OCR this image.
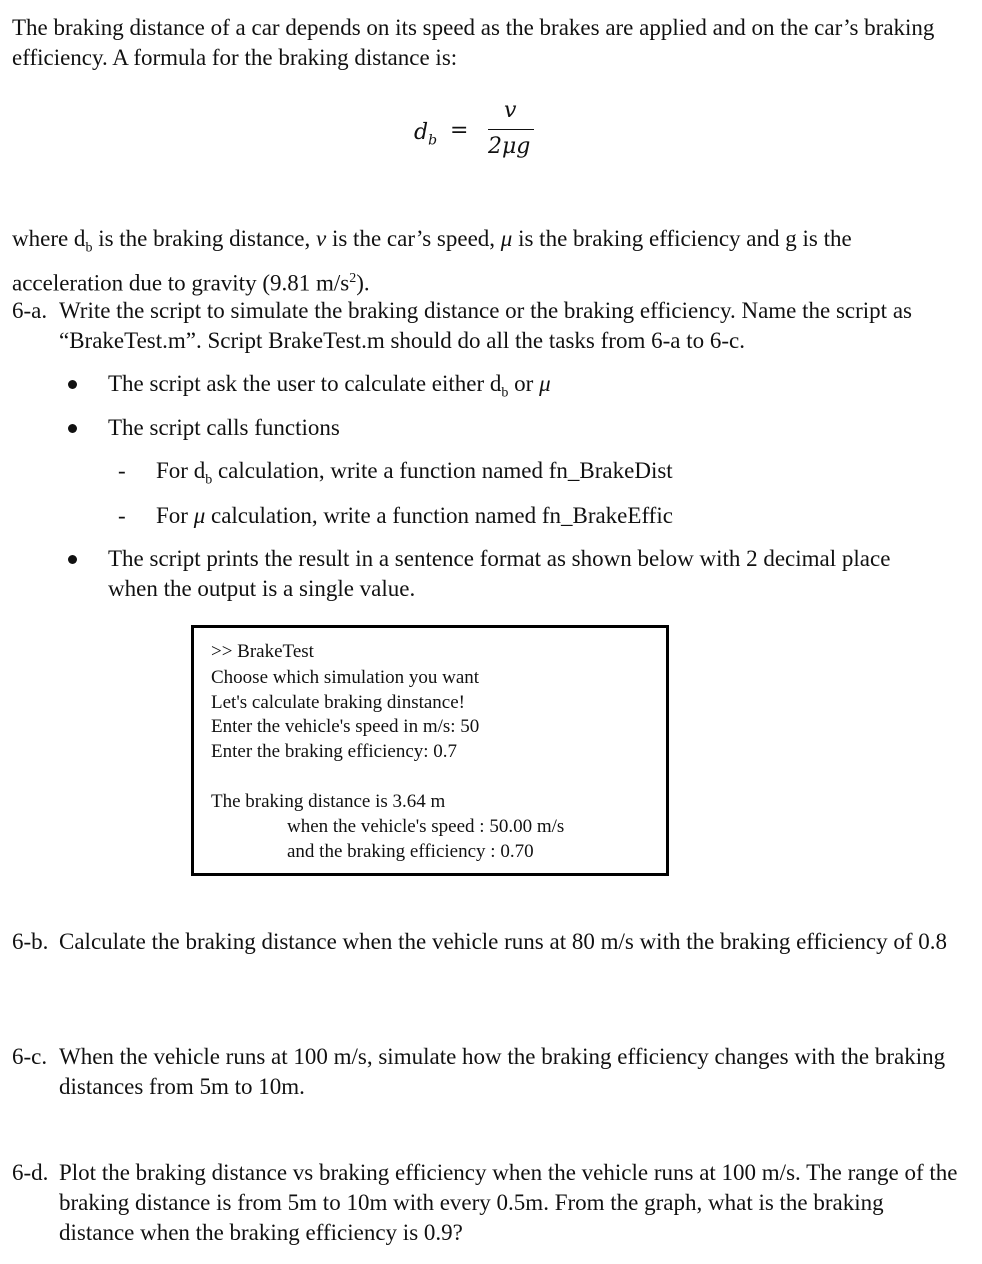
The braking distance of a car depends on its speed as the brakes are applied and on the car’s braking efficiency. A formula for the braking distance is:
$d_b$ =
v
2μg
where $d_b$ is the braking distance, v is the car’s speed, μ is the braking efficiency and g is the acceleration due to gravity (9.81 $m/s^2$).
6-a. Write the script to simulate the braking distance or the braking efficiency. Name the script as “BrakeTest.m”. Script BrakeTest.m should do all the tasks from 6-a to 6-c.
The script ask the user to calculate either $d_b$ or μ
The script calls functions
- For $d_b$ calculation, write a function named fn_BrakeDist
- For μ calculation, write a function named fn_BrakeEffic
The script prints the result in a sentence format as shown below with 2 decimal place when the output is a single value.
>> BrakeTest
Choose which simulation you want
Let's calculate braking dinstance!
Enter the vehicle's speed in m/s: 50
Enter the braking efficiency: 0.7
The braking distance is 3.64 m
when the vehicle's speed : 50.00 m/s
and the braking efficiency : 0.70
6-b. Calculate the braking distance when the vehicle runs at 80 m/s with the braking efficiency of 0.8
6-c. When the vehicle runs at 100 m/s, simulate how the braking efficiency changes with the braking distances from 5m to 10m.
6-d. Plot the braking distance vs braking efficiency when the vehicle runs at 100 m/s. The range of the braking distance is from 5m to 10m with every 0.5m. From the graph, what is the braking distance when the braking efficiency is 0.9?
